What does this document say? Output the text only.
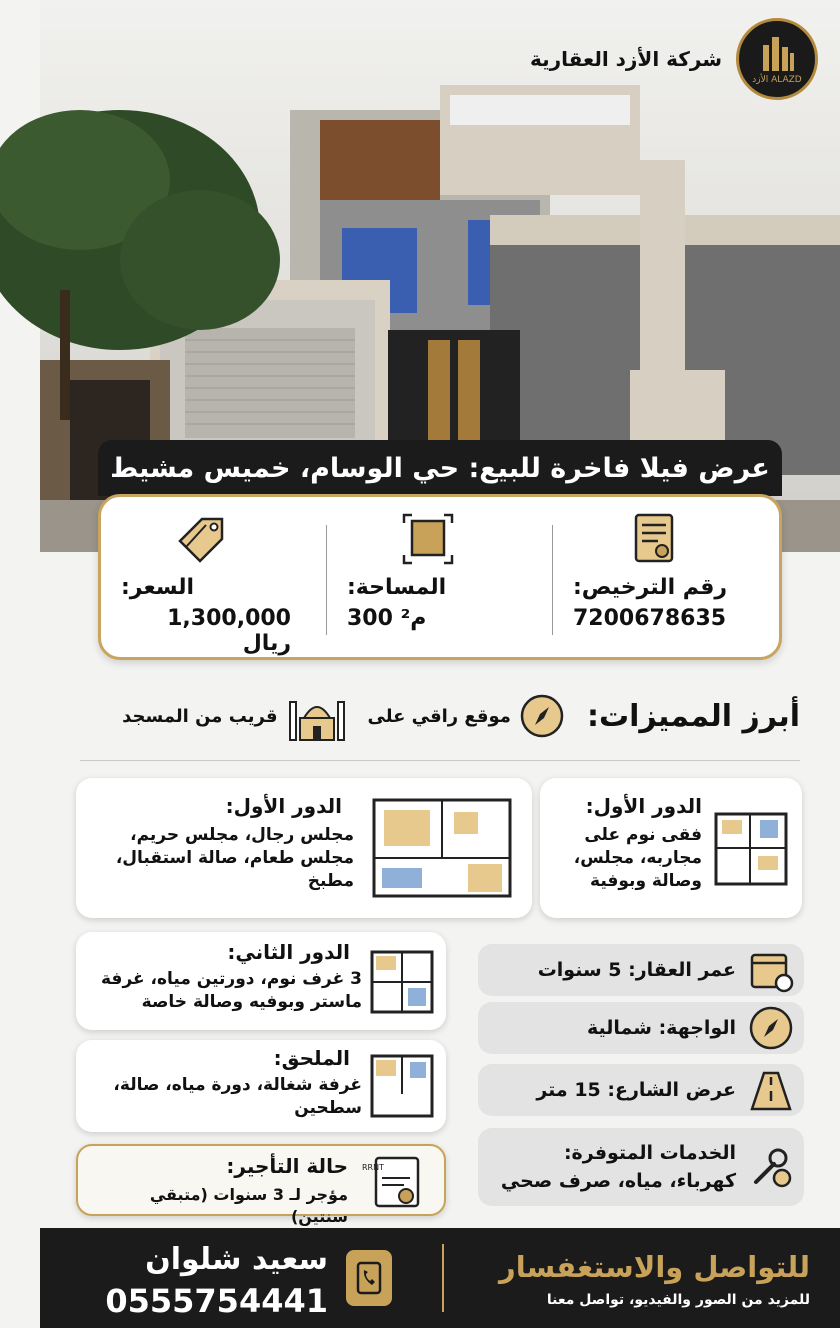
ALAZD الأزد
شركة الأزد العقارية
عرض فيلا فاخرة للبيع: حي الوسام، خميس مشيط
رقم الترخيص:
7200678635
المساحة:
300 م²
السعر:
1,300,000 ريال
أبرز المميزات:
موقع راقي على
قريب من المسجد
الدور الأول:
فقى نوم على مجاربه، مجلس، وصالة وبوفية
الدور الأول:
مجلس رجال، مجلس حريم، مجلس طعام، صالة استقبال، مطبخ
الدور الثاني:
3 غرف نوم، دورتين مياه، غرفة ماستر وبوفيه وصالة خاصة
الملحق:
غرفة شغالة، دورة مياه، صالة، سطحين
حالة التأجير:
مؤجر لـ 3 سنوات (متبقي سنتين)
RRNT
عمر العقار: 5 سنوات
الواجهة: شمالية
عرض الشارع: 15 متر
الخدمات المتوفرة:
كهرباء، مياه، صرف صحي
للتواصل والاستغفسار
للمزيد من الصور والفيديو، تواصل معنا
سعيد شلوان
0555754441
